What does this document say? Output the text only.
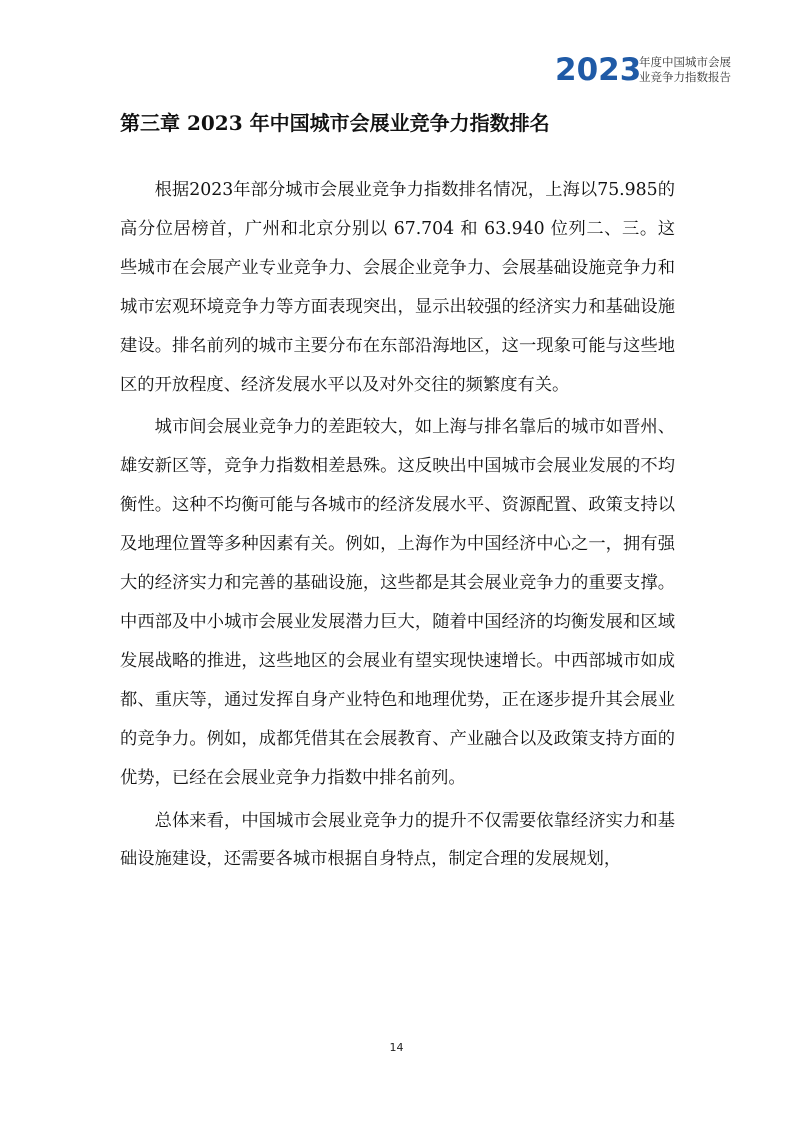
2023
年度中国城市会展
业竞争力指数报告
第三章 2023 年中国城市会展业竞争力指数排名

根据2023年部分城市会展业竞争力指数排名情况，上海以75.985的高分位居榜首，广州和北京分别以 67.704 和 63.940 位列二、三。这些城市在会展产业专业竞争力、会展企业竞争力、会展基础设施竞争力和城市宏观环境竞争力等方面表现突出，显示出较强的经济实力和基础设施建设。排名前列的城市主要分布在东部沿海地区，这一现象可能与这些地区的开放程度、经济发展水平以及对外交往的频繁度有关。

城市间会展业竞争力的差距较大，如上海与排名靠后的城市如晋州、雄安新区等，竞争力指数相差悬殊。这反映出中国城市会展业发展的不均衡性。这种不均衡可能与各城市的经济发展水平、资源配置、政策支持以及地理位置等多种因素有关。例如，上海作为中国经济中心之一，拥有强大的经济实力和完善的基础设施，这些都是其会展业竞争力的重要支撑。中西部及中小城市会展业发展潜力巨大，随着中国经济的均衡发展和区域发展战略的推进，这些地区的会展业有望实现快速增长。中西部城市如成都、重庆等，通过发挥自身产业特色和地理优势，正在逐步提升其会展业的竞争力。例如，成都凭借其在会展教育、产业融合以及政策支持方面的优势，已经在会展业竞争力指数中排名前列。

总体来看，中国城市会展业竞争力的提升不仅需要依靠经济实力和基础设施建设，还需要各城市根据自身特点，制定合理的发展规划，

14
